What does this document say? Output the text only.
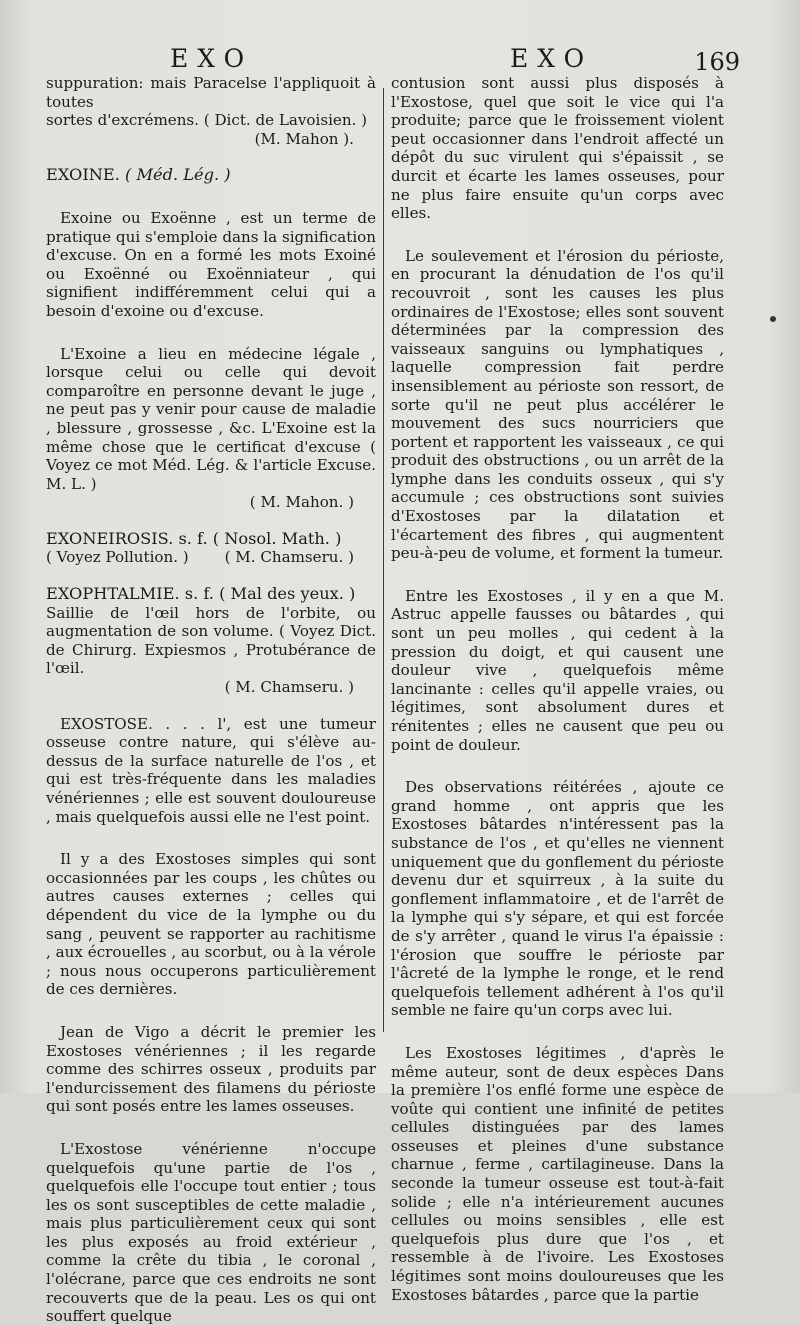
EXO	EXO	169

suppuration: mais Paracelse l'appliquoit à toutes

sortes d'excrémens. ( Dict. de Lavoisien. )

(M. Mahon ).

EXOINE. ( Méd. Lég. )

Exoine ou Exoënne , est un terme de pratique qui s'emploie dans la signification d'excuse. On en a formé les mots Exoiné ou Exoënné ou Exoënniateur , qui signifient indifféremment celui qui a besoin d'exoine ou d'excuse.

L'Exoine a lieu en médecine légale , lorsque celui ou celle qui devoit comparoître en personne devant le juge , ne peut pas y venir pour cause de maladie , blessure , grossesse , &c. L'Exoine est la même chose que le certificat d'excuse ( Voyez ce mot Méd. Lég. & l'article Excuse. M. L. )

( M. Mahon. )

EXONEIROSIS. s. f. ( Nosol. Math. )

( Voyez Pollution. ) ( M. Chamseru. )

EXOPHTALMIE. s. f. ( Mal des yeux. )

Saillie de l'œil hors de l'orbite, ou augmentation de son volume. ( Voyez Dict. de Chirurg. Expiesmos , Protubérance de l'œil.

( M. Chamseru. )

EXOSTOSE. . . . l', est une tumeur osseuse contre nature, qui s'élève au-dessus de la surface naturelle de l'os , et qui est très-fréquente dans les maladies vénériennes ; elle est souvent douloureuse , mais quelquefois aussi elle ne l'est point.

Il y a des Exostoses simples qui sont occasionnées par les coups , les chûtes ou autres causes externes ; celles qui dépendent du vice de la lymphe ou du sang , peuvent se rapporter au rachitisme , aux écrouelles , au scorbut, ou à la vérole ; nous nous occuperons particulièrement de ces dernières.

Jean de Vigo a décrit le premier les Exostoses vénériennes ; il les regarde comme des schirres osseux , produits par l'endurcissement des filamens du périoste qui sont posés entre les lames osseuses.

L'Exostose vénérienne n'occupe quelquefois qu'une partie de l'os , quelquefois elle l'occupe tout entier ; tous les os sont susceptibles de cette maladie , mais plus particulièrement ceux qui sont les plus exposés au froid extérieur , comme la crête du tibia , le coronal , l'olécrane, parce que ces endroits ne sont recouverts que de la peau. Les os qui ont souffert quelque

contusion sont aussi plus disposés à l'Exostose, quel que soit le vice qui l'a produite; parce que le froissement violent peut occasionner dans l'endroit affecté un dépôt du suc virulent qui s'épaissit , se durcit et écarte les lames osseuses, pour ne plus faire ensuite qu'un corps avec elles.

Le soulevement et l'érosion du périoste, en procurant la dénudation de l'os qu'il recouvroit , sont les causes les plus ordinaires de l'Exostose; elles sont souvent déterminées par la compression des vaisseaux sanguins ou lymphatiques , laquelle compression fait perdre insensiblement au périoste son ressort, de sorte qu'il ne peut plus accélérer le mouvement des sucs nourriciers que portent et rapportent les vaisseaux , ce qui produit des obstructions , ou un arrêt de la lymphe dans les conduits osseux , qui s'y accumule ; ces obstructions sont suivies d'Exostoses par la dilatation et l'écartement des fibres , qui augmentent peu-à-peu de volume, et forment la tumeur.

Entre les Exostoses , il y en a que M. Astruc appelle fausses ou bâtardes , qui sont un peu molles , qui cedent à la pression du doigt, et qui causent une douleur vive , quelquefois même lancinante : celles qu'il appelle vraies, ou légitimes, sont absolument dures et rénitentes ; elles ne causent que peu ou point de douleur.

Des observations réitérées , ajoute ce grand homme , ont appris que les Exostoses bâtardes n'intéressent pas la substance de l'os , et qu'elles ne viennent uniquement que du gonflement du périoste devenu dur et squirreux , à la suite du gonflement inflammatoire , et de l'arrêt de la lymphe qui s'y sépare, et qui est forcée de s'y arrêter , quand le virus l'a épaissie : l'érosion que souffre le périoste par l'âcreté de la lymphe le ronge, et le rend quelquefois tellement adhérent à l'os qu'il semble ne faire qu'un corps avec lui.

Les Exostoses légitimes , d'après le même auteur, sont de deux espèces Dans la première l'os enflé forme une espèce de voûte qui contient une infinité de petites cellules distinguées par des lames osseuses et pleines d'une substance charnue , ferme , cartilagineuse. Dans la seconde la tumeur osseuse est tout-à-fait solide ; elle n'a intérieurement aucunes cellules ou moins sensibles , elle est quelquefois plus dure que l'os , et ressemble à de l'ivoire. Les Exostoses légitimes sont moins douloureuses que les Exostoses bâtardes , parce que la partie
